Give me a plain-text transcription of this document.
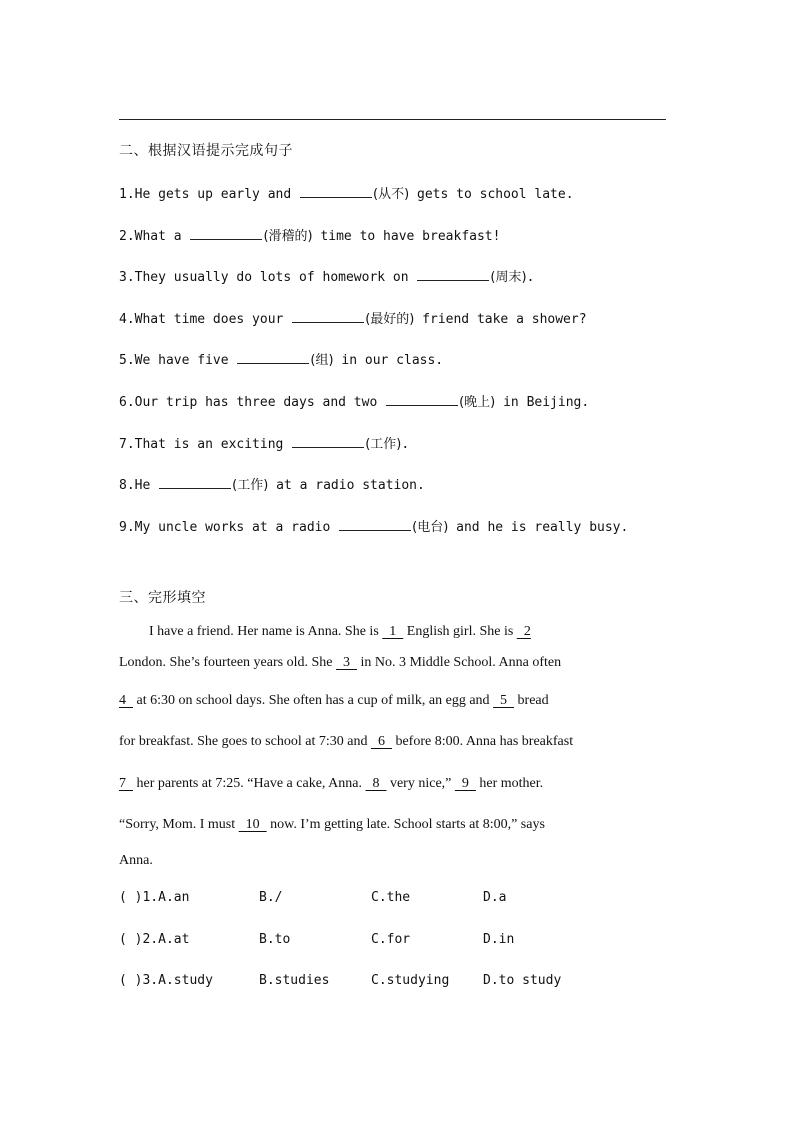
二、根据汉语提示完成句子
1.He gets up early and	(从不) gets to school late.
2.What a	(滑稽的) time to have breakfast!
3.They usually do lots of homework on	(周末).
4.What time does your	(最好的) friend take a shower?
5.We have five	(组) in our class.
6.Our trip has three days and two	(晚上) in Beijing.
7.That is an exciting	(工作).
8.He	(工作) at a radio station.
9.My uncle works at a radio	(电台) and he is really busy.
三、完形填空
I have a friend. Her name is Anna. She is   1   English girl. She is   2
London. She’s fourteen years old. She   3   in No. 3 Middle School. Anna often
4   at 6:30 on school days. She often has a cup of milk, an egg and   5   bread
for breakfast. She goes to school at 7:30 and   6   before 8:00. Anna has breakfast
7   her parents at 7:25. “Have a cake, Anna.   8   very nice,”   9   her mother.
“Sorry, Mom. I must   10   now. I’m getting late. School starts at 8:00,” says
Anna.
( )1.A.an	B./	C.the	D.a
( )2.A.at	B.to	C.for	D.in
( )3.A.study	B.studies	C.studying	D.to study
